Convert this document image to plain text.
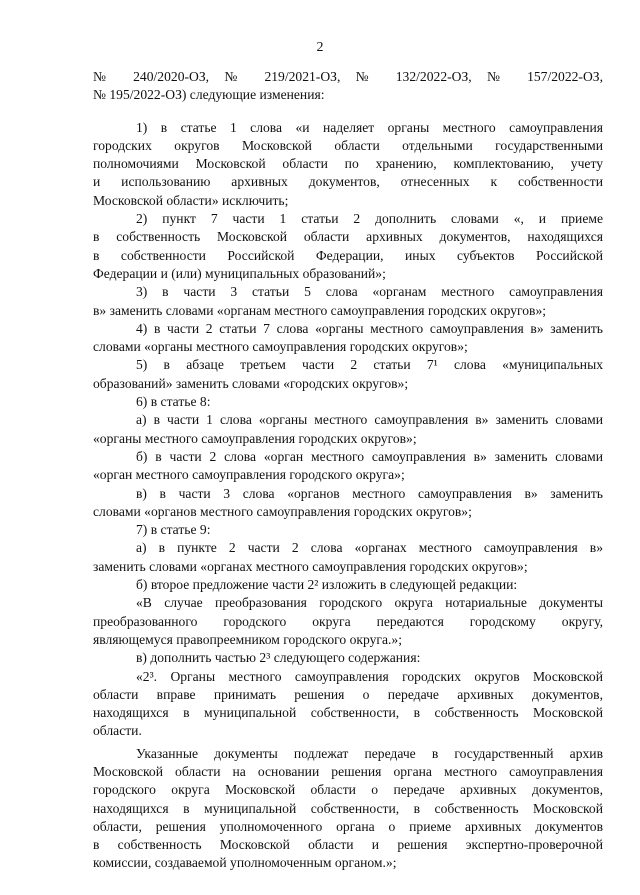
2
№ 240/2020-ОЗ, № 219/2021-ОЗ, № 132/2022-ОЗ, № 157/2022-ОЗ,
№ 195/2022-ОЗ) следующие изменения:
1) в статье 1 слова «и наделяет органы местного самоуправления
городских округов Московской области отдельными государственными
полномочиями Московской области по хранению, комплектованию, учету
и использованию архивных документов, отнесенных к собственности
Московской области» исключить;
2) пункт 7 части 1 статьи 2 дополнить словами «, и приеме
в собственность Московской области архивных документов, находящихся
в собственности Российской Федерации, иных субъектов Российской
Федерации и (или) муниципальных образований»;
3) в части 3 статьи 5 слова «органам местного самоуправления
в» заменить словами «органам местного самоуправления городских округов»;
4) в части 2 статьи 7 слова «органы местного самоуправления в» заменить
словами «органы местного самоуправления городских округов»;
5) в абзаце третьем части 2 статьи 7¹ слова «муниципальных
образований» заменить словами «городских округов»;
6) в статье 8:
а) в части 1 слова «органы местного самоуправления в» заменить словами
«органы местного самоуправления городских округов»;
б) в части 2 слова «орган местного самоуправления в» заменить словами
«орган местного самоуправления городского округа»;
в) в части 3 слова «органов местного самоуправления в» заменить
словами «органов местного самоуправления городских округов»;
7) в статье 9:
а) в пункте 2 части 2 слова «органах местного самоуправления в»
заменить словами «органах местного самоуправления городских округов»;
б) второе предложение части 2² изложить в следующей редакции:
«В случае преобразования городского округа нотариальные документы
преобразованного городского округа передаются городскому округу,
являющемуся правопреемником городского округа.»;
в) дополнить частью 2³ следующего содержания:
«2³. Органы местного самоуправления городских округов Московской
области вправе принимать решения о передаче архивных документов,
находящихся в муниципальной собственности, в собственность Московской
области.
Указанные документы подлежат передаче в государственный архив
Московской области на основании решения органа местного самоуправления
городского округа Московской области о передаче архивных документов,
находящихся в муниципальной собственности, в собственность Московской
области, решения уполномоченного органа о приеме архивных документов
в собственность Московской области и решения экспертно-проверочной
комиссии, создаваемой уполномоченным органом.»;
